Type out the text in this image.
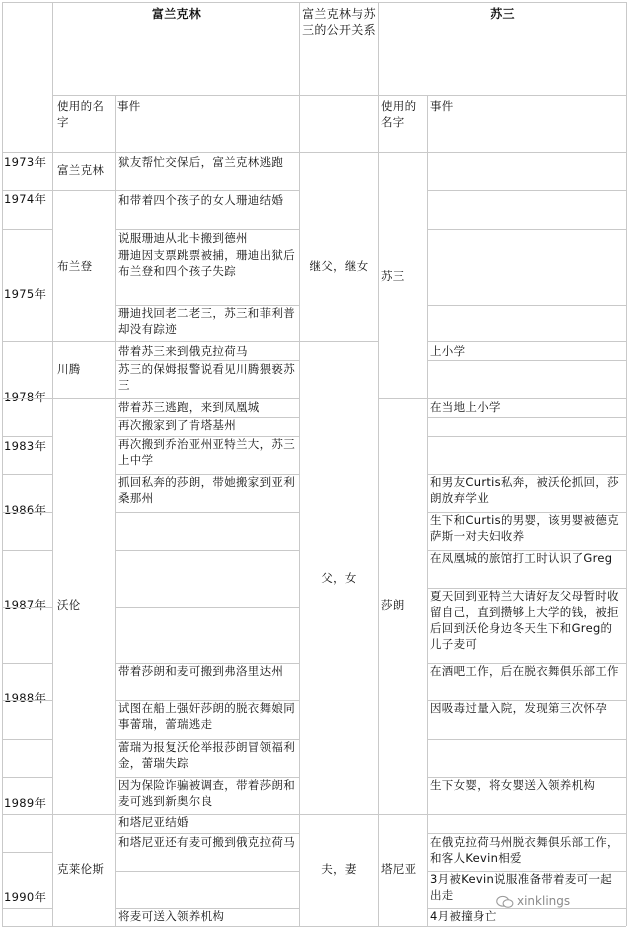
富兰克林	富兰克林与苏三的公开关系
苏三
使用的名字
事件	使用的名字
事件
1973年
1974年
1975年
1978年
1983年
1986年
1987年
1988年
1989年
1990年
富兰克林
布兰登
川腾
沃伦
克莱伦斯
狱友帮忙交保后，富兰克林逃跑
和带着四个孩子的女人珊迪结婚
说服珊迪从北卡搬到德州
珊迪因支票跳票被捕，珊迪出狱后布兰登和四个孩子失踪
珊迪找回老二老三，苏三和菲利普却没有踪迹
带着苏三来到俄克拉荷马
苏三的保姆报警说看见川腾猥亵苏三
带着苏三逃跑，来到凤凰城
再次搬家到了肯塔基州
再次搬到乔治亚州亚特兰大，苏三上中学
抓回私奔的莎朗，带她搬家到亚利桑那州
带着莎朗和麦可搬到弗洛里达州
试图在船上强奸莎朗的脱衣舞娘同事蕾瑞，蕾瑞逃走
蕾瑞为报复沃伦举报莎朗冒领福利金，蕾瑞失踪
因为保险诈骗被调查，带着莎朗和麦可逃到新奥尔良
和塔尼亚结婚
和塔尼亚还有麦可搬到俄克拉荷马
将麦可送入领养机构
继父，继女
父，女
夫，妻
苏三
莎朗
塔尼亚
上小学
在当地上小学
和男友Curtis私奔，被沃伦抓回，莎朗放弃学业
生下和Curtis的男婴，该男婴被德克萨斯一对夫妇收养
在凤凰城的旅馆打工时认识了Greg
夏天回到亚特兰大请好友父母暂时收留自己，直到攒够上大学的钱，被拒后回到沃伦身边冬天生下和Greg的儿子麦可
在酒吧工作，后在脱衣舞俱乐部工作
因吸毒过量入院，发现第三次怀孕
生下女婴，将女婴送入领养机构
在俄克拉荷马州脱衣舞俱乐部工作，和客人Kevin相爱
3月被Kevin说服准备带着麦可一起出走
4月被撞身亡
xinklings
